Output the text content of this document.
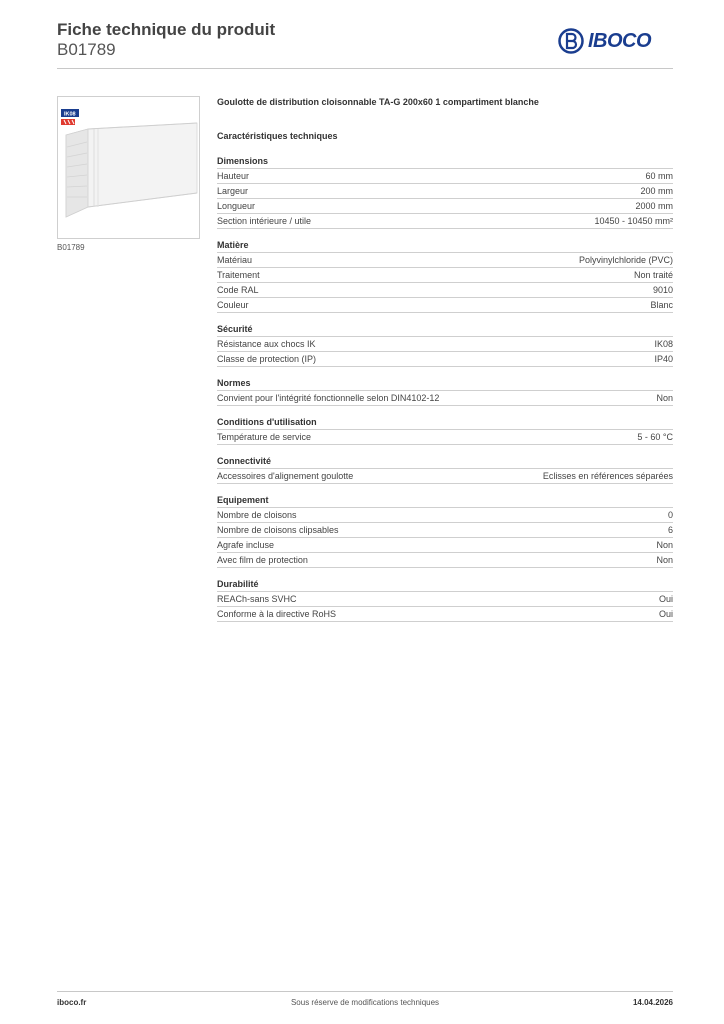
Fiche technique du produit
B01789	IBOCO
IK08
B01789
Goulotte de distribution cloisonnable TA-G 200x60 1 compartiment blanche
Caractéristiques techniques
Dimensions
Hauteur	60 mm
Largeur	200 mm
Longueur	2000 mm
Section intérieure / utile	10450 - 10450 mm²
Matière
Matériau	Polyvinylchloride (PVC)
Traitement	Non traité
Code RAL	9010
Couleur	Blanc
Sécurité
Résistance aux chocs IK	IK08
Classe de protection (IP)	IP40
Normes
Convient pour l'intégrité fonctionnelle selon DIN4102-12	Non
Conditions d'utilisation
Température de service	5 - 60 °C
Connectivité
Accessoires d'alignement goulotte	Eclisses en références séparées
Equipement
Nombre de cloisons	0
Nombre de cloisons clipsables	6
Agrafe incluse	Non
Avec film de protection	Non
Durabilité
REACh-sans SVHC	Oui
Conforme à la directive RoHS	Oui
iboco.fr	Sous réserve de modifications techniques	14.04.2026
